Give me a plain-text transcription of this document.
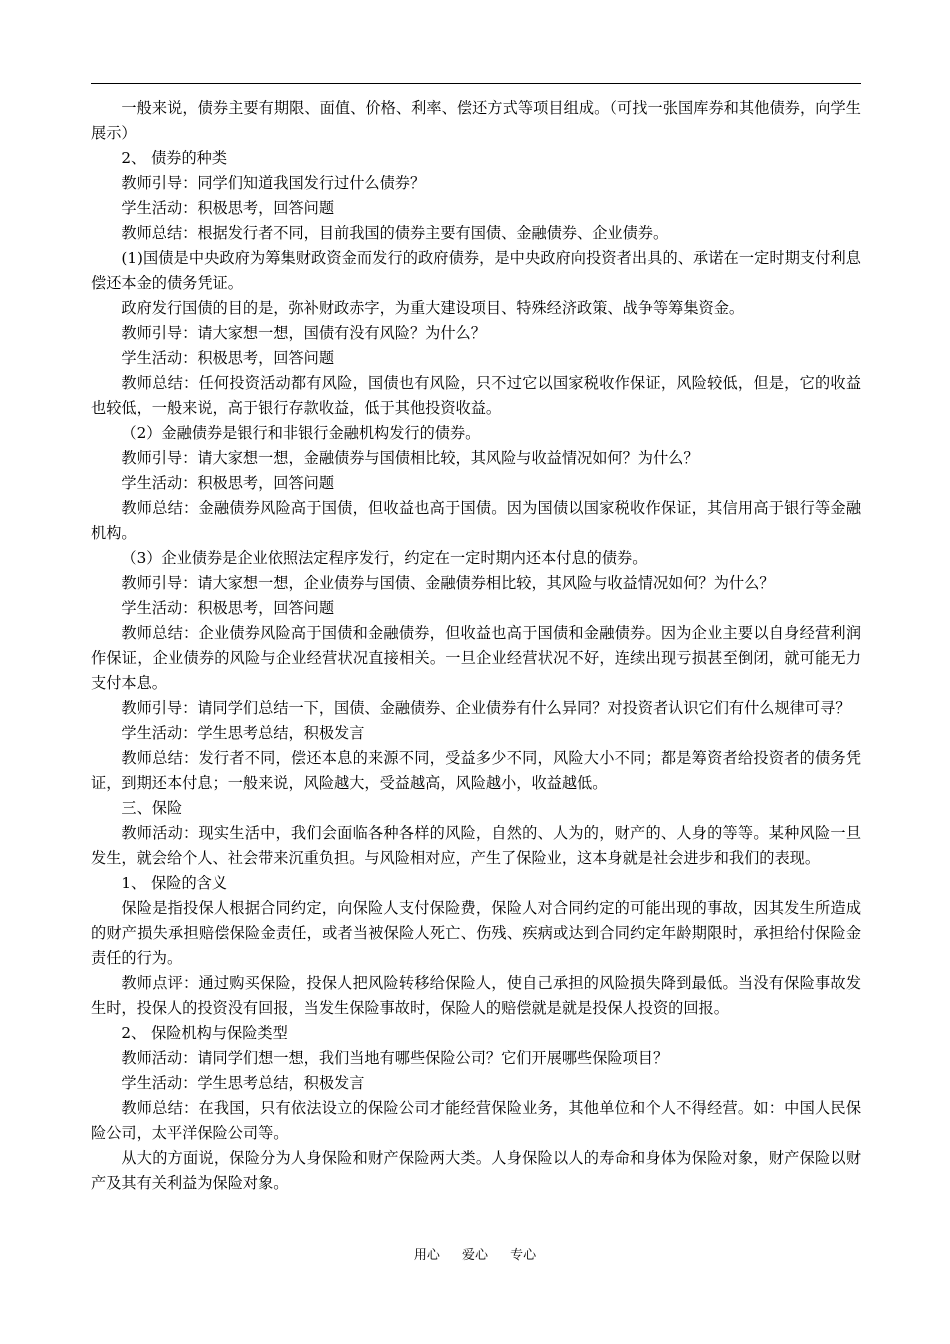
一般来说，债券主要有期限、面值、价格、利率、偿还方式等项目组成。（可找一张国库券和其他债券，向学生展示）

2、 债券的种类

教师引导：同学们知道我国发行过什么债券？

学生活动：积极思考，回答问题

教师总结：根据发行者不同，目前我国的债券主要有国债、金融债券、企业债券。

(1)国债是中央政府为筹集财政资金而发行的政府债券，是中央政府向投资者出具的、承诺在一定时期支付利息偿还本金的债务凭证。

政府发行国债的目的是，弥补财政赤字，为重大建设项目、特殊经济政策、战争等筹集资金。

教师引导：请大家想一想，国债有没有风险？为什么？

学生活动：积极思考，回答问题

教师总结：任何投资活动都有风险，国债也有风险，只不过它以国家税收作保证，风险较低，但是，它的收益也较低，一般来说，高于银行存款收益，低于其他投资收益。

（2）金融债券是银行和非银行金融机构发行的债券。

教师引导：请大家想一想，金融债券与国债相比较，其风险与收益情况如何？为什么？

学生活动：积极思考，回答问题

教师总结：金融债券风险高于国债，但收益也高于国债。因为国债以国家税收作保证，其信用高于银行等金融机构。

（3）企业债券是企业依照法定程序发行，约定在一定时期内还本付息的债券。

教师引导：请大家想一想，企业债券与国债、金融债券相比较，其风险与收益情况如何？为什么？

学生活动：积极思考，回答问题

教师总结：企业债券风险高于国债和金融债券，但收益也高于国债和金融债券。因为企业主要以自身经营利润作保证，企业债券的风险与企业经营状况直接相关。一旦企业经营状况不好，连续出现亏损甚至倒闭，就可能无力支付本息。

教师引导：请同学们总结一下，国债、金融债券、企业债券有什么异同？对投资者认识它们有什么规律可寻？

学生活动：学生思考总结，积极发言

教师总结：发行者不同，偿还本息的来源不同，受益多少不同，风险大小不同；都是筹资者给投资者的债务凭证，到期还本付息；一般来说，风险越大，受益越高，风险越小，收益越低。

三、保险

教师活动：现实生活中，我们会面临各种各样的风险，自然的、人为的，财产的、人身的等等。某种风险一旦发生，就会给个人、社会带来沉重负担。与风险相对应，产生了保险业，这本身就是社会进步和我们的表现。

1、 保险的含义

保险是指投保人根据合同约定，向保险人支付保险费，保险人对合同约定的可能出现的事故，因其发生所造成的财产损失承担赔偿保险金责任，或者当被保险人死亡、伤残、疾病或达到合同约定年龄期限时，承担给付保险金责任的行为。

教师点评：通过购买保险，投保人把风险转移给保险人，使自己承担的风险损失降到最低。当没有保险事故发生时，投保人的投资没有回报，当发生保险事故时，保险人的赔偿就是就是投保人投资的回报。

2、 保险机构与保险类型

教师活动：请同学们想一想，我们当地有哪些保险公司？它们开展哪些保险项目？

学生活动：学生思考总结，积极发言

教师总结：在我国，只有依法设立的保险公司才能经营保险业务，其他单位和个人不得经营。如：中国人民保险公司，太平洋保险公司等。

从大的方面说，保险分为人身保险和财产保险两大类。人身保险以人的寿命和身体为保险对象，财产保险以财产及其有关利益为保险对象。

用心 爱心 专心
